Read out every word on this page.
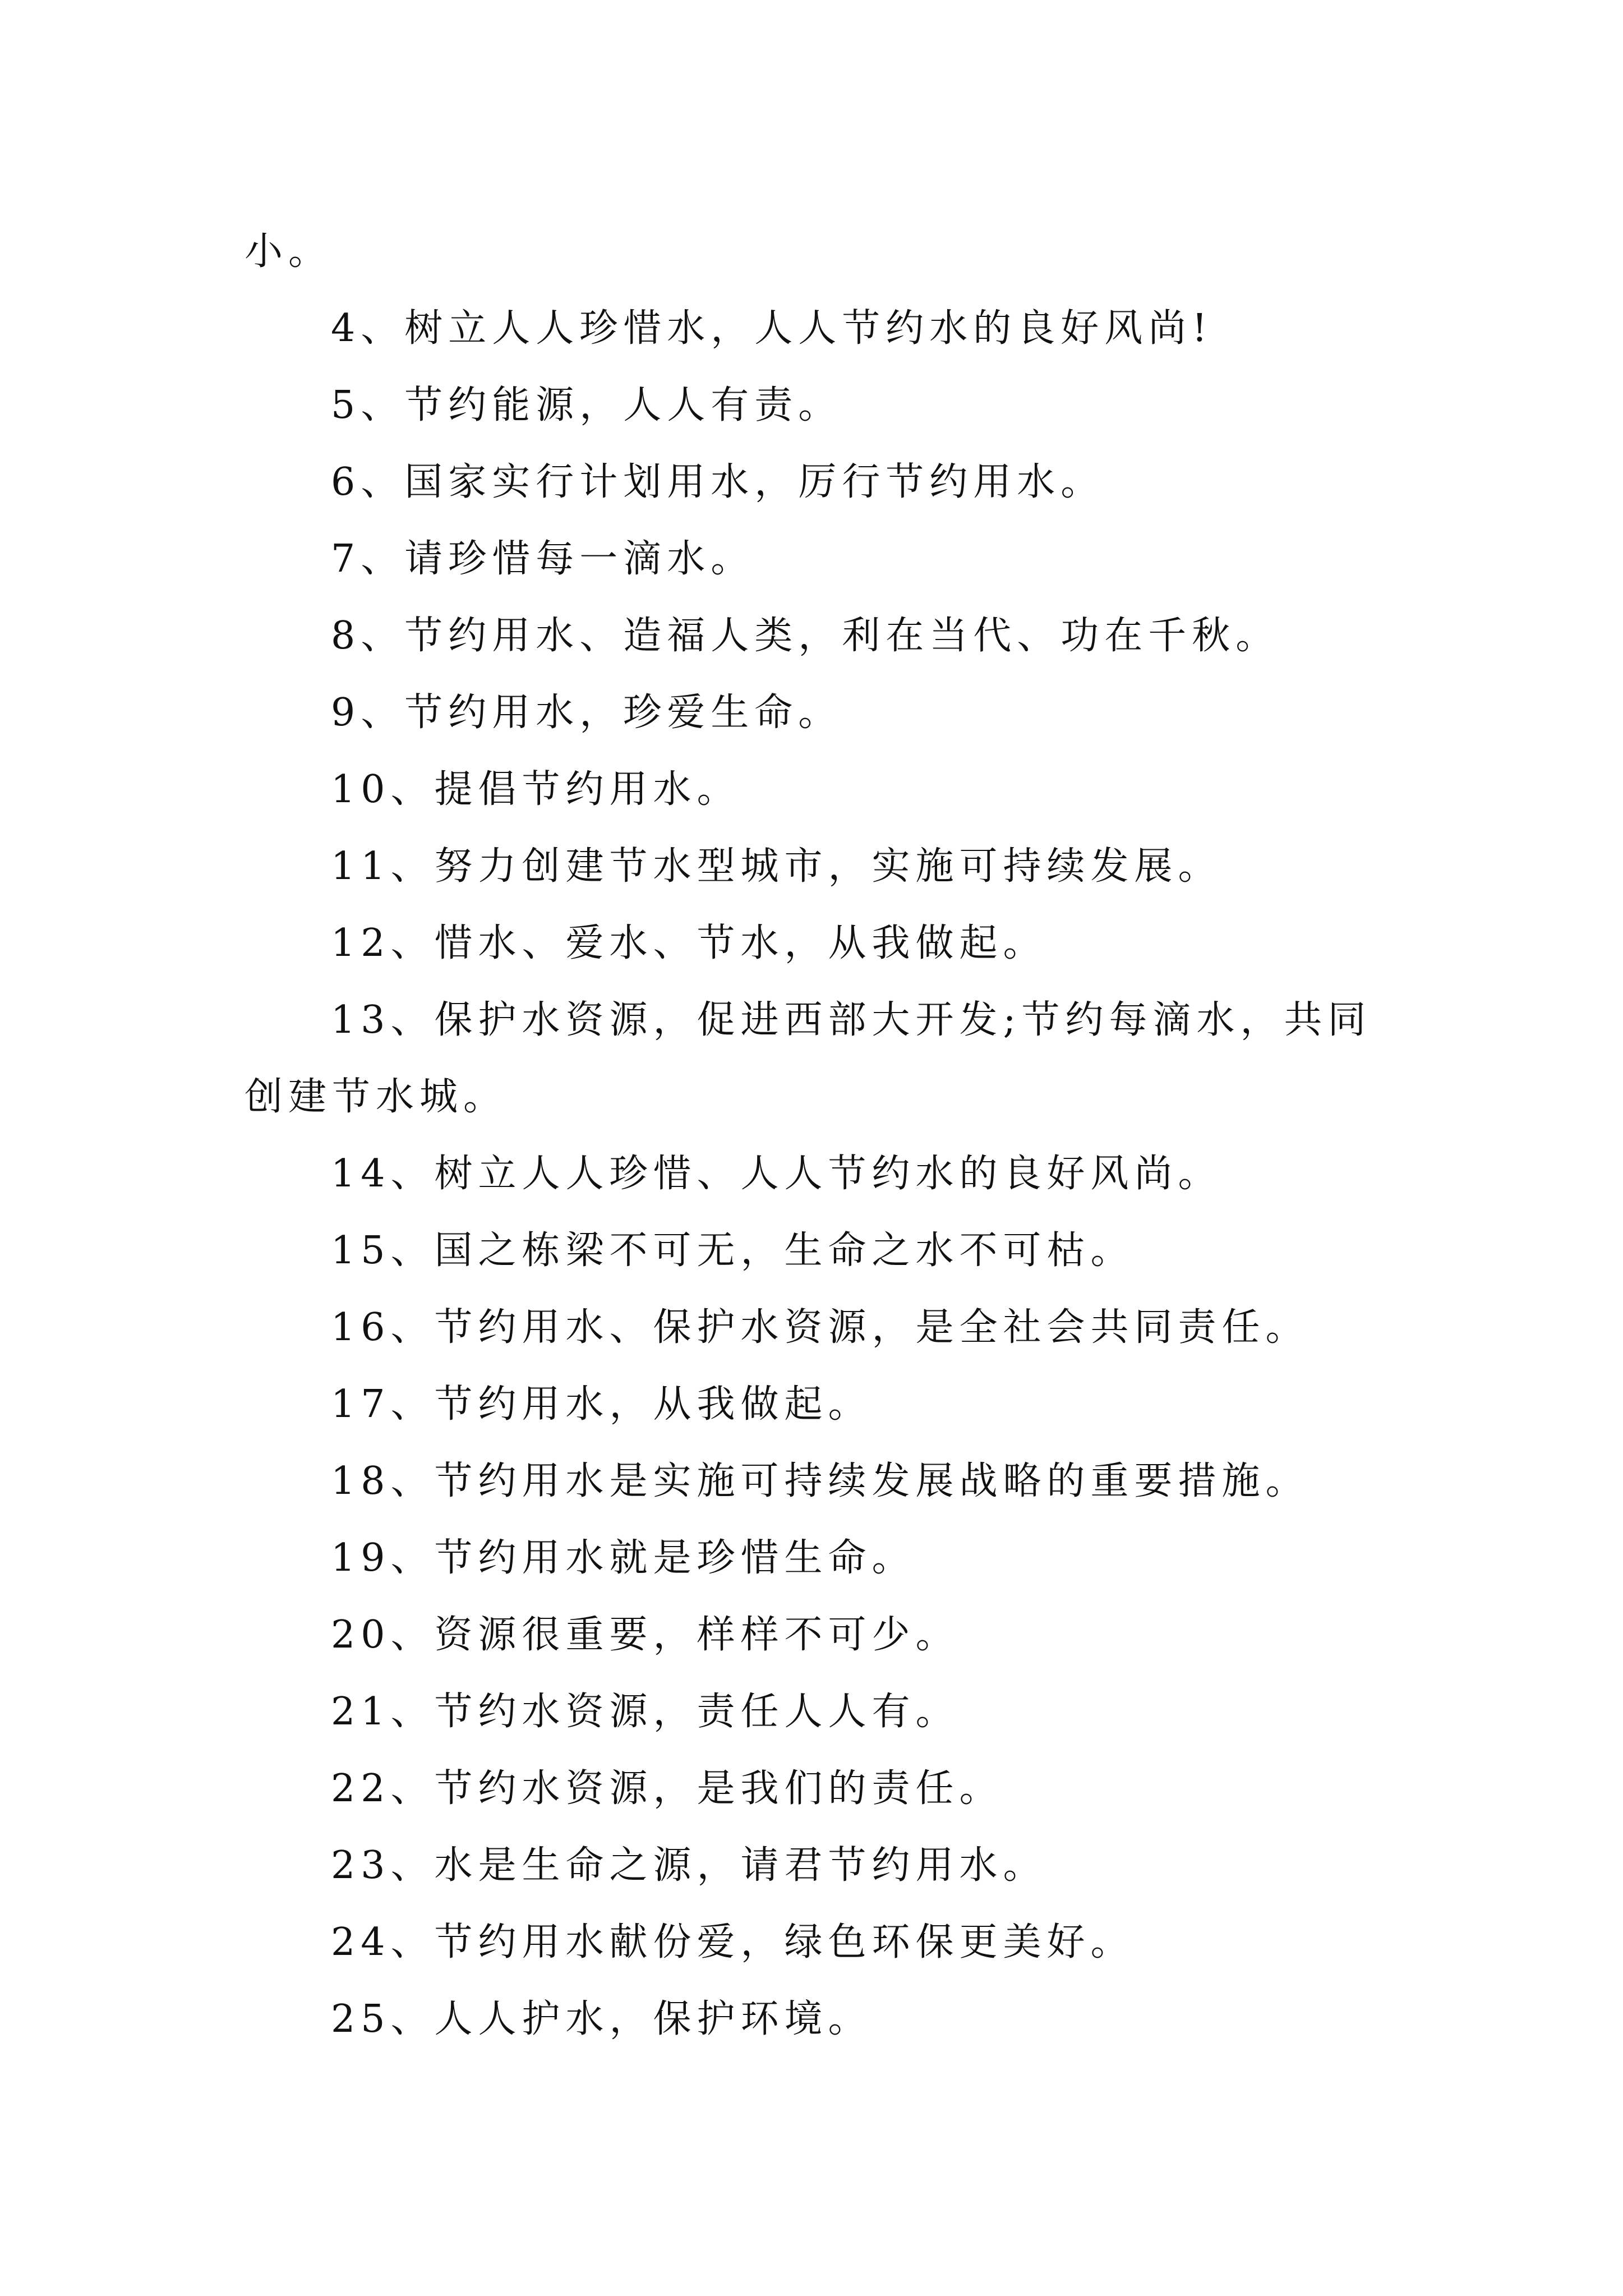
小。
4、树立人人珍惜水，人人节约水的良好风尚!
5、节约能源，人人有责。
6、国家实行计划用水，厉行节约用水。
7、请珍惜每一滴水。
8、节约用水、造福人类，利在当代、功在千秋。
9、节约用水，珍爱生命。
10、提倡节约用水。
11、努力创建节水型城市，实施可持续发展。
12、惜水、爱水、节水，从我做起。
13、保护水资源，促进西部大开发;节约每滴水，共同
创建节水城。
14、树立人人珍惜、人人节约水的良好风尚。
15、国之栋梁不可无，生命之水不可枯。
16、节约用水、保护水资源，是全社会共同责任。
17、节约用水，从我做起。
18、节约用水是实施可持续发展战略的重要措施。
19、节约用水就是珍惜生命。
20、资源很重要，样样不可少。
21、节约水资源，责任人人有。
22、节约水资源，是我们的责任。
23、水是生命之源，请君节约用水。
24、节约用水献份爱，绿色环保更美好。
25、人人护水，保护环境。
